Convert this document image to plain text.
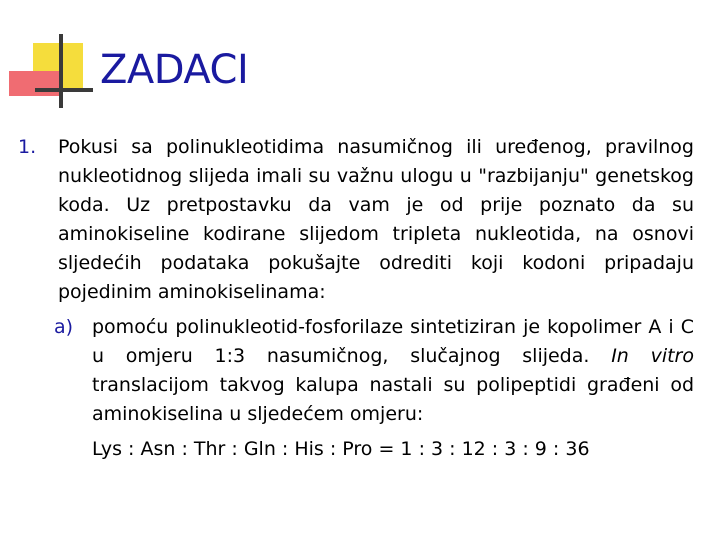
ZADACI
1. Pokusi sa polinukleotidima nasumičnog ili uređenog, pravilnog nukleotidnog slijeda imali su važnu ulogu u "razbijanju" genetskog koda. Uz pretpostavku da vam je od prije poznato da su aminokiseline kodirane slijedom tripleta nukleotida, na osnovi sljedećih podataka pokušajte odrediti koji kodoni pripadaju pojedinim aminokiselinama:
a) pomoću polinukleotid-fosforilaze sintetiziran je kopolimer A i C u omjeru 1:3 nasumičnog, slučajnog slijeda. In vitro translacijom takvog kalupa nastali su polipeptidi građeni od aminokiselina u sljedećem omjeru:
Lys : Asn : Thr : Gln : His : Pro = 1 : 3 : 12 : 3 : 9 : 36
